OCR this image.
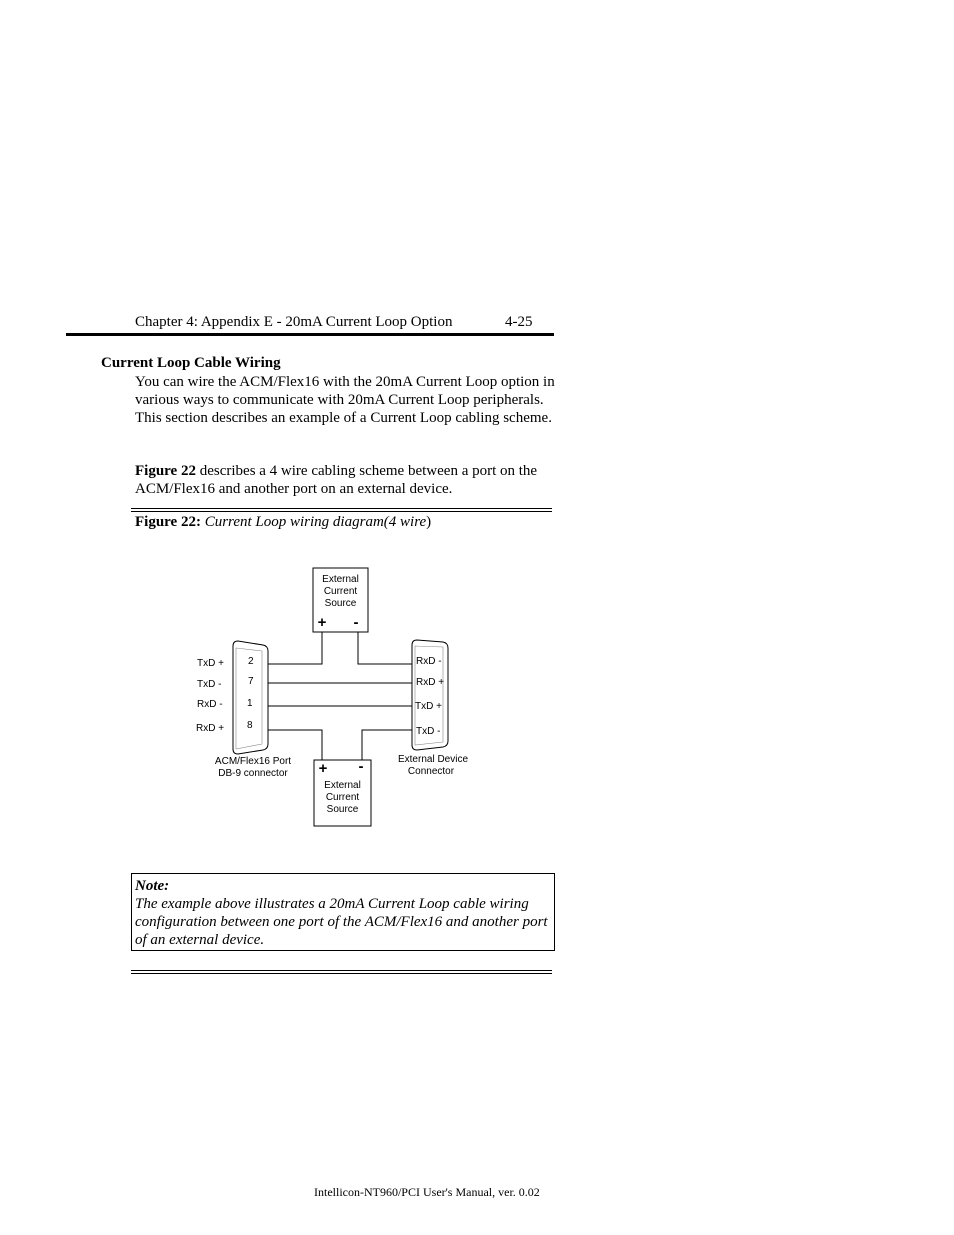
Chapter 4: Appendix E - 20mA Current Loop Option	4-25
Current Loop Cable Wiring
You can wire the ACM/Flex16 with the 20mA Current Loop option in various ways to communicate with 20mA Current Loop peripherals. This section describes an example of a Current Loop cabling scheme.
Figure 22 describes a 4 wire cabling scheme between a port on the ACM/Flex16 and another port on an external device.
Figure 22: Current Loop wiring diagram(4 wire)
External
Current
Source
+ -
+ -
External
Current
Source
TxD +
TxD -
RxD -
RxD +
2
7
1
8
RxD -
RxD +
TxD +
TxD -
ACM/Flex16 Port
DB-9 connector
External Device
Connector
Note:
The example above illustrates a 20mA Current Loop cable wiring configuration between one port of the ACM/Flex16 and another port of an external device.
Intellicon-NT960/PCI User's Manual, ver. 0.02
